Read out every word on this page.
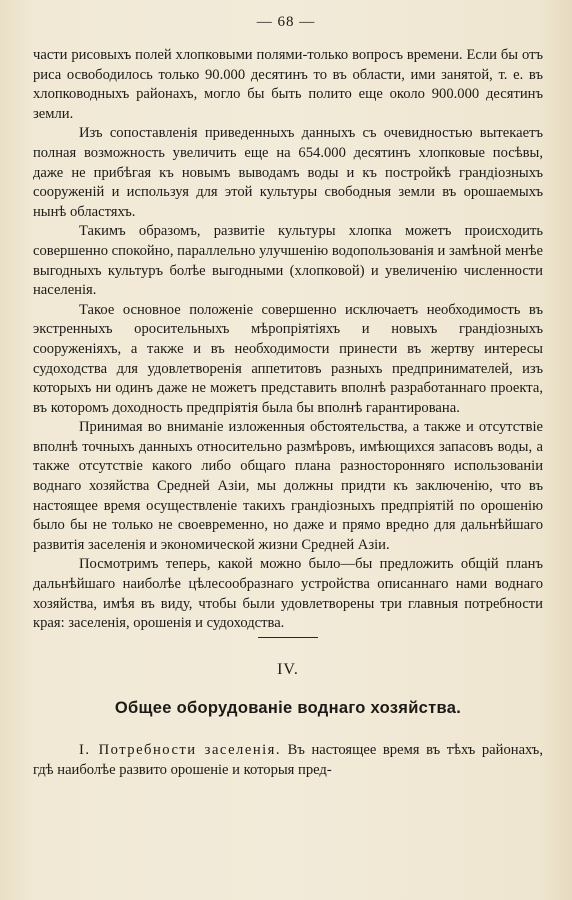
— 68 —

части рисовыхъ полей хлопковыми полями-только вопросъ времени. Если бы отъ риса освободилось только 90.000 десятинъ то въ области, ими занятой, т. е. въ хлопководныхъ районахъ, могло бы быть полито еще около 900.000 десятинъ земли.

Изъ сопоставленія приведенныхъ данныхъ съ очевидностью вытекаетъ полная возможность увеличить еще на 654.000 десятинъ хлопковые посѣвы, даже не прибѣгая къ новымъ выводамъ воды и къ постройкѣ грандіозныхъ сооруженій и используя для этой культуры свободныя земли въ орошаемыхъ нынѣ областяхъ.

Такимъ образомъ, развитіе культуры хлопка можетъ происходить совершенно спокойно, параллельно улучшенію водопользованія и замѣной менѣе выгодныхъ культуръ болѣе выгодными (хлопковой) и увеличенію численности населенія.

Такое основное положеніе совершенно исключаетъ необходимость въ экстренныхъ оросительныхъ мѣропріятіяхъ и новыхъ грандіозныхъ сооруженіяхъ, а также и въ необходимости принести въ жертву интересы судоходства для удовлетворенія аппетитовъ разныхъ предпринимателей, изъ которыхъ ни одинъ даже не можетъ представить вполнѣ разработаннаго проекта, въ которомъ доходность предпріятія была бы вполнѣ гарантирована.

Принимая во вниманіе изложенныя обстоятельства, а также и отсутствіе вполнѣ точныхъ данныхъ относительно размѣровъ, имѣющихся запасовъ воды, а также отсутствіе какого либо общаго плана разносторонняго использованіи воднаго хозяйства Средней Азіи, мы должны придти къ заключенію, что въ настоящее время осуществленіе такихъ грандіозныхъ предпріятій по орошенію было бы не только не своевременно, но даже и прямо вредно для дальнѣйшаго развитія заселенія и экономической жизни Средней Азіи.

Посмотримъ теперь, какой можно было—бы предложить общій планъ дальнѣйшаго наиболѣе цѣлесообразнаго устройства описаннаго нами воднаго хозяйства, имѣя въ виду, чтобы были удовлетворены три главныя потребности края: заселенія, орошенія и судоходства.

IV.
Общее оборудованіе воднаго хозяйства.

I. Потребности заселенія. Въ настоящее время въ тѣхъ районахъ, гдѣ наиболѣе развито орошеніе и которыя пред-
